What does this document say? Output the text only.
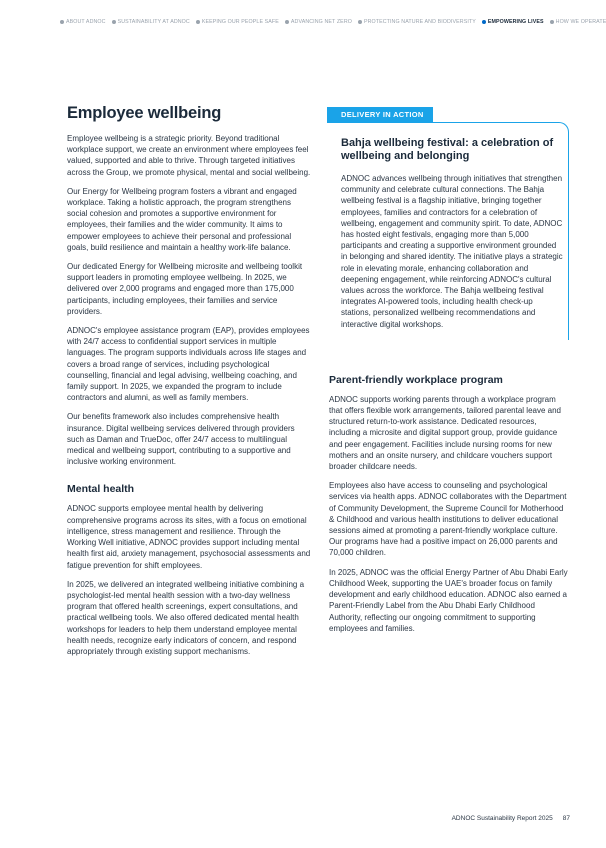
ABOUT ADNOC SUSTAINABILITY AT ADNOC KEEPING OUR PEOPLE SAFE ADVANCING NET ZERO PROTECTING NATURE AND BIODIVERSITY EMPOWERING LIVES HOW WE OPERATE
Employee wellbeing

Employee wellbeing is a strategic priority. Beyond traditional workplace support, we create an environment where employees feel valued, supported and able to thrive. Through targeted initiatives across the Group, we promote physical, mental and social wellbeing.

Our Energy for Wellbeing program fosters a vibrant and engaged workplace. Taking a holistic approach, the program strengthens social cohesion and promotes a supportive environment for employees, their families and the wider community. It aims to empower employees to achieve their personal and professional goals, build resilience and maintain a healthy work-life balance.

Our dedicated Energy for Wellbeing microsite and wellbeing toolkit support leaders in promoting employee wellbeing. In 2025, we delivered over 2,000 programs and engaged more than 175,000 participants, including employees, their families and service providers.

ADNOC's employee assistance program (EAP), provides employees with 24/7 access to confidential support services in multiple languages. The program supports individuals across life stages and covers a broad range of services, including psychological counselling, financial and legal advising, wellbeing coaching, and family support. In 2025, we expanded the program to include contractors and alumni, as well as family members.

Our benefits framework also includes comprehensive health insurance. Digital wellbeing services delivered through providers such as Daman and TrueDoc, offer 24/7 access to multilingual medical and wellbeing support, contributing to a supportive and inclusive working environment.

Mental health

ADNOC supports employee mental health by delivering comprehensive programs across its sites, with a focus on emotional intelligence, stress management and resilience. Through the Working Well initiative, ADNOC provides support including mental health first aid, anxiety management, psychosocial assessments and fatigue prevention for shift employees.

In 2025, we delivered an integrated wellbeing initiative combining a psychologist-led mental health session with a two-day wellness program that offered health screenings, expert consultations, and practical wellbeing tools. We also offered dedicated mental health workshops for leaders to help them understand employee mental health needs, recognize early indicators of concern, and respond appropriately through existing support mechanisms.

DELIVERY IN ACTION
Bahja wellbeing festival: a celebration of wellbeing and belonging

ADNOC advances wellbeing through initiatives that strengthen community and celebrate cultural connections. The Bahja wellbeing festival is a flagship initiative, bringing together employees, families and contractors for a celebration of wellbeing, engagement and community spirit. To date, ADNOC has hosted eight festivals, engaging more than 5,000 participants and creating a supportive environment grounded in belonging and shared identity. The initiative plays a strategic role in elevating morale, enhancing collaboration and deepening engagement, while reinforcing ADNOC's cultural values across the workforce. The Bahja wellbeing festival integrates AI-powered tools, including health check-up stations, personalized wellbeing recommendations and interactive digital workshops.

Parent-friendly workplace program

ADNOC supports working parents through a workplace program that offers flexible work arrangements, tailored parental leave and structured return-to-work assistance. Dedicated resources, including a microsite and digital support group, provide guidance and peer engagement. Facilities include nursing rooms for new mothers and an onsite nursery, and childcare vouchers support broader childcare needs.

Employees also have access to counseling and psychological services via health apps. ADNOC collaborates with the Department of Community Development, the Supreme Council for Motherhood & Childhood and various health institutions to deliver educational sessions aimed at promoting a parent-friendly workplace culture. Our programs have had a positive impact on 26,000 parents and 70,000 children.

In 2025, ADNOC was the official Energy Partner of Abu Dhabi Early Childhood Week, supporting the UAE's broader focus on family development and early childhood education. ADNOC also earned a Parent-Friendly Label from the Abu Dhabi Early Childhood Authority, reflecting our ongoing commitment to supporting employees and families.

ADNOC Sustainability Report 2025 87
